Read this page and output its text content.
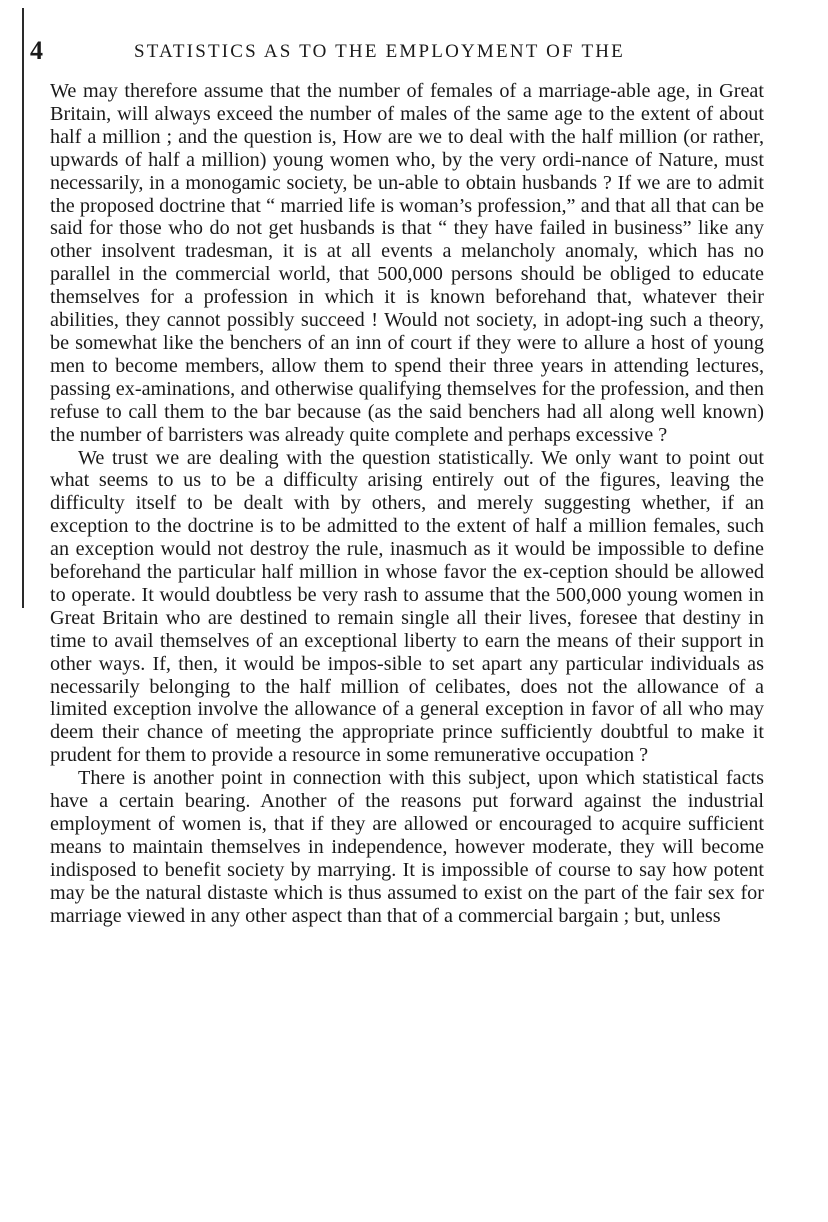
4	STATISTICS AS TO THE EMPLOYMENT OF THE

We may therefore assume that the number of females of a marriage-able age, in Great Britain, will always exceed the number of males of the same age to the extent of about half a million ; and the question is, How are we to deal with the half million (or rather, upwards of half a million) young women who, by the very ordi-nance of Nature, must necessarily, in a monogamic society, be un-able to obtain husbands ? If we are to admit the proposed doctrine that “ married life is woman’s profession,” and that all that can be said for those who do not get husbands is that “ they have failed in business” like any other insolvent tradesman, it is at all events a melancholy anomaly, which has no parallel in the commercial world, that 500,000 persons should be obliged to educate themselves for a profession in which it is known beforehand that, whatever their abilities, they cannot possibly succeed ! Would not society, in adopt-ing such a theory, be somewhat like the benchers of an inn of court if they were to allure a host of young men to become members, allow them to spend their three years in attending lectures, passing ex-aminations, and otherwise qualifying themselves for the profession, and then refuse to call them to the bar because (as the said benchers had all along well known) the number of barristers was already quite complete and perhaps excessive ?

We trust we are dealing with the question statistically. We only want to point out what seems to us to be a difficulty arising entirely out of the figures, leaving the difficulty itself to be dealt with by others, and merely suggesting whether, if an exception to the doctrine is to be admitted to the extent of half a million females, such an exception would not destroy the rule, inasmuch as it would be impossible to define beforehand the particular half million in whose favor the ex-ception should be allowed to operate. It would doubtless be very rash to assume that the 500,000 young women in Great Britain who are destined to remain single all their lives, foresee that destiny in time to avail themselves of an exceptional liberty to earn the means of their support in other ways. If, then, it would be impos-sible to set apart any particular individuals as necessarily belonging to the half million of celibates, does not the allowance of a limited exception involve the allowance of a general exception in favor of all who may deem their chance of meeting the appropriate prince sufficiently doubtful to make it prudent for them to provide a resource in some remunerative occupation ?

There is another point in connection with this subject, upon which statistical facts have a certain bearing. Another of the reasons put forward against the industrial employment of women is, that if they are allowed or encouraged to acquire sufficient means to maintain themselves in independence, however moderate, they will become indisposed to benefit society by marrying. It is impossible of course to say how potent may be the natural distaste which is thus assumed to exist on the part of the fair sex for marriage viewed in any other aspect than that of a commercial bargain ; but, unless
